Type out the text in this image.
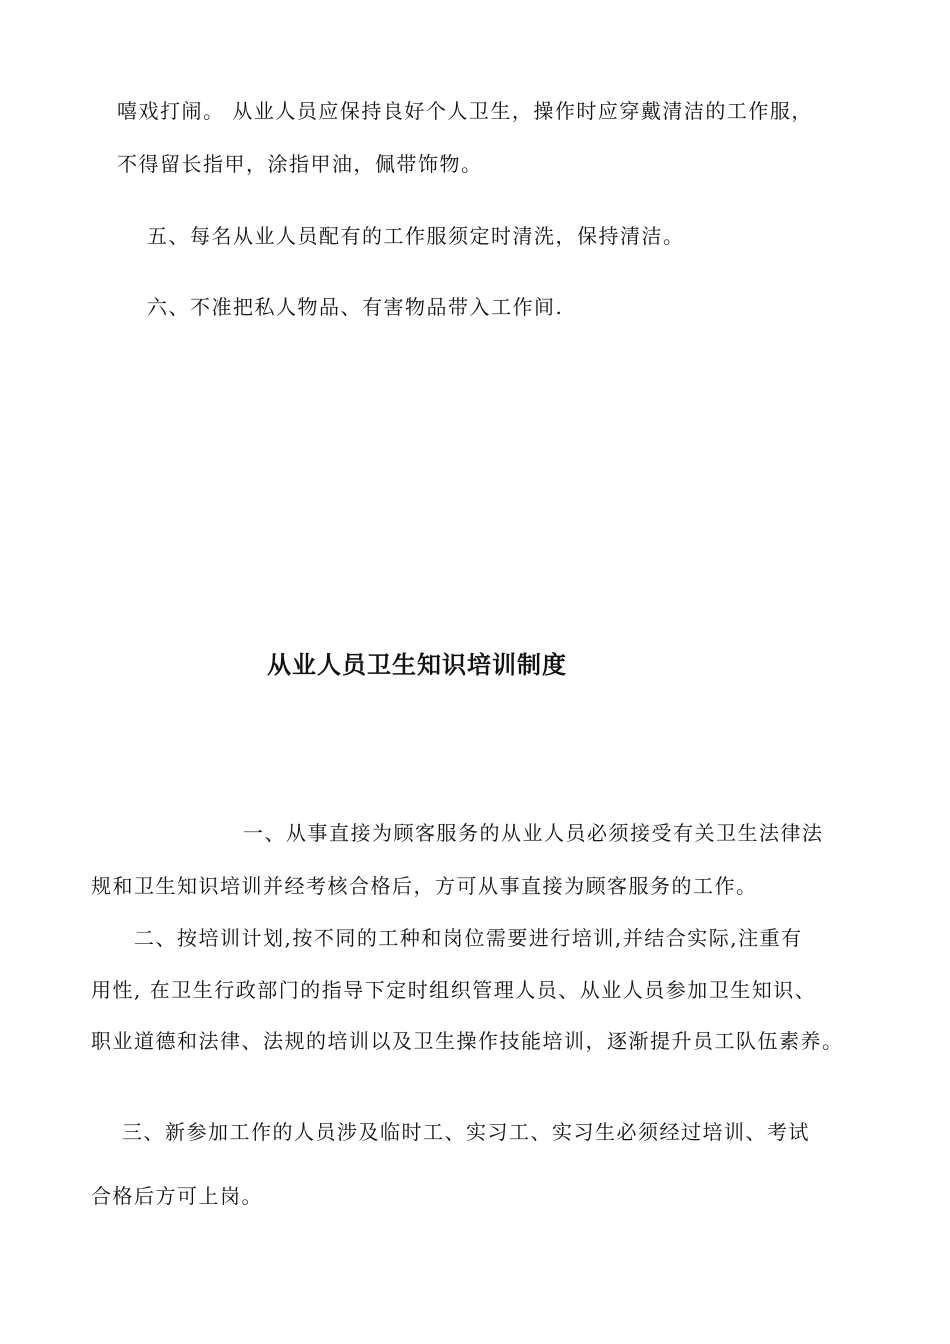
嘻戏打闹。 从业人员应保持良好个人卫生，操作时应穿戴清洁的工作服，
不得留长指甲，涂指甲油，佩带饰物。
五、每名从业人员配有的工作服须定时清洗，保持清洁。
六、不准把私人物品、有害物品带入工作间.
从业人员卫生知识培训制度
一、从事直接为顾客服务的从业人员必须接受有关卫生法律法
规和卫生知识培训并经考核合格后，方可从事直接为顾客服务的工作。
二、按培训计划,按不同的工种和岗位需要进行培训,并结合实际,注重有
用性, 在卫生行政部门的指导下定时组织管理人员、从业人员参加卫生知识、
职业道德和法律、法规的培训以及卫生操作技能培训，逐渐提升员工队伍素养。
三、新参加工作的人员涉及临时工、实习工、实习生必须经过培训、考试
合格后方可上岗。
